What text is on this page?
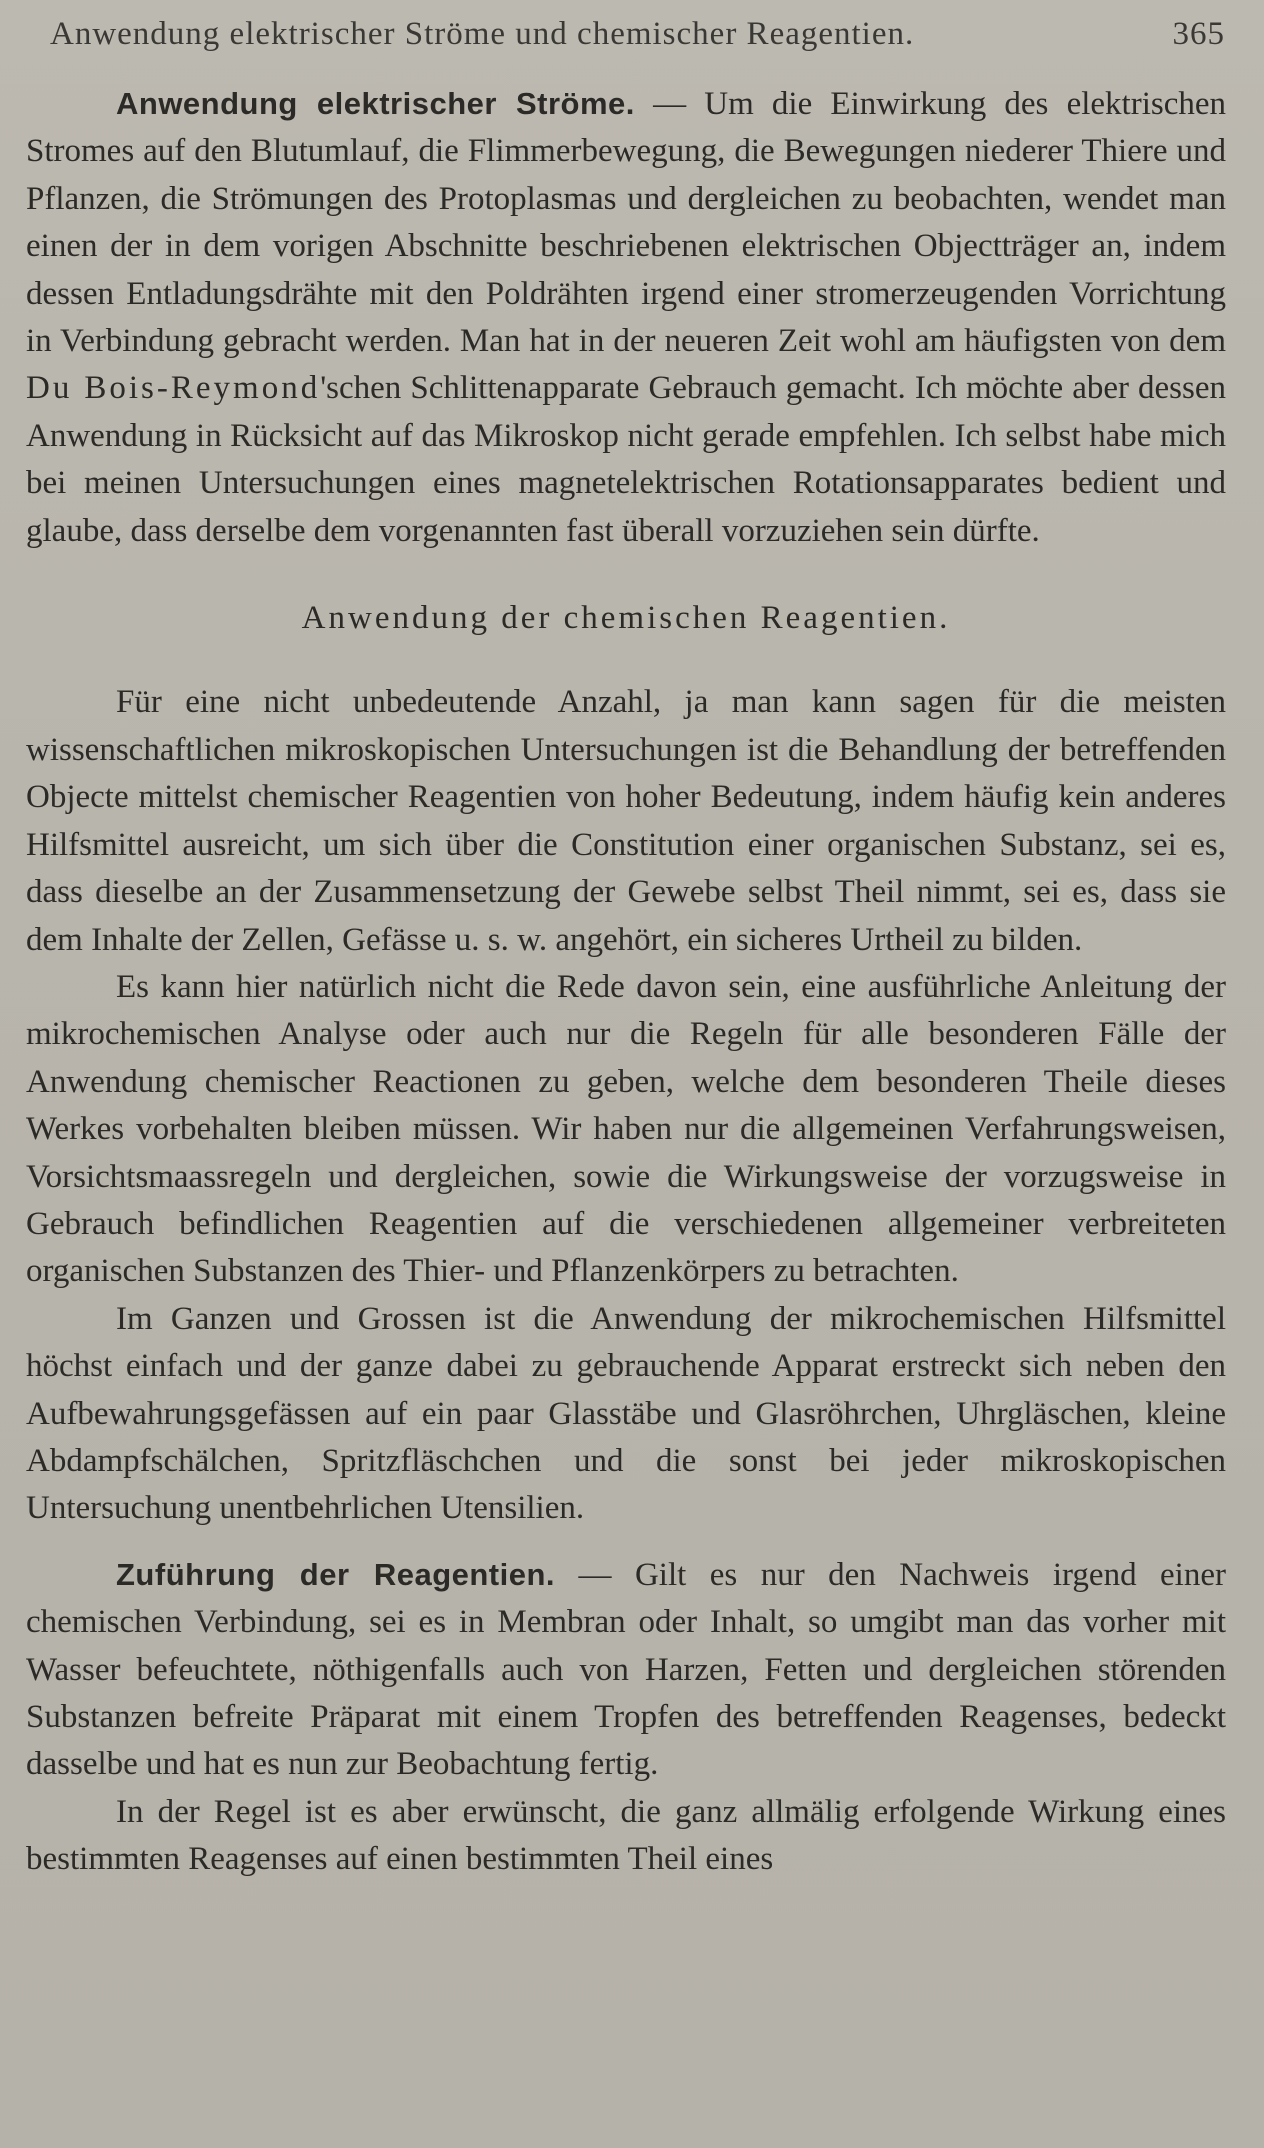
Anwendung elektrischer Ströme und chemischer Reagentien.	365

Anwendung elektrischer Ströme. — Um die Einwirkung des elektrischen Stromes auf den Blutumlauf, die Flimmerbewegung, die Bewegungen niederer Thiere und Pflanzen, die Strömungen des Protoplasmas und dergleichen zu beobachten, wendet man einen der in dem vorigen Abschnitte beschriebenen elektrischen Objectträger an, indem dessen Entladungsdrähte mit den Poldrähten irgend einer stromerzeugenden Vorrichtung in Verbindung gebracht werden. Man hat in der neueren Zeit wohl am häufigsten von dem Du Bois-Reymond'schen Schlittenapparate Gebrauch gemacht. Ich möchte aber dessen Anwendung in Rücksicht auf das Mikroskop nicht gerade empfehlen. Ich selbst habe mich bei meinen Untersuchungen eines magnetelektrischen Rotationsapparates bedient und glaube, dass derselbe dem vorgenannten fast überall vorzuziehen sein dürfte.

Anwendung der chemischen Reagentien.

Für eine nicht unbedeutende Anzahl, ja man kann sagen für die meisten wissenschaftlichen mikroskopischen Untersuchungen ist die Behandlung der betreffenden Objecte mittelst chemischer Reagentien von hoher Bedeutung, indem häufig kein anderes Hilfsmittel ausreicht, um sich über die Constitution einer organischen Substanz, sei es, dass dieselbe an der Zusammensetzung der Gewebe selbst Theil nimmt, sei es, dass sie dem Inhalte der Zellen, Gefässe u. s. w. angehört, ein sicheres Urtheil zu bilden.

Es kann hier natürlich nicht die Rede davon sein, eine ausführliche Anleitung der mikrochemischen Analyse oder auch nur die Regeln für alle besonderen Fälle der Anwendung chemischer Reactionen zu geben, welche dem besonderen Theile dieses Werkes vorbehalten bleiben müssen. Wir haben nur die allgemeinen Verfahrungsweisen, Vorsichtsmaassregeln und dergleichen, sowie die Wirkungsweise der vorzugsweise in Gebrauch befindlichen Reagentien auf die verschiedenen allgemeiner verbreiteten organischen Substanzen des Thier- und Pflanzenkörpers zu betrachten.

Im Ganzen und Grossen ist die Anwendung der mikrochemischen Hilfsmittel höchst einfach und der ganze dabei zu gebrauchende Apparat erstreckt sich neben den Aufbewahrungsgefässen auf ein paar Glasstäbe und Glasröhrchen, Uhrgläschen, kleine Abdampfschälchen, Spritzfläschchen und die sonst bei jeder mikroskopischen Untersuchung unentbehrlichen Utensilien.

Zuführung der Reagentien. — Gilt es nur den Nachweis irgend einer chemischen Verbindung, sei es in Membran oder Inhalt, so umgibt man das vorher mit Wasser befeuchtete, nöthigenfalls auch von Harzen, Fetten und dergleichen störenden Substanzen befreite Präparat mit einem Tropfen des betreffenden Reagenses, bedeckt dasselbe und hat es nun zur Beobachtung fertig.

In der Regel ist es aber erwünscht, die ganz allmälig erfolgende Wirkung eines bestimmten Reagenses auf einen bestimmten Theil eines
